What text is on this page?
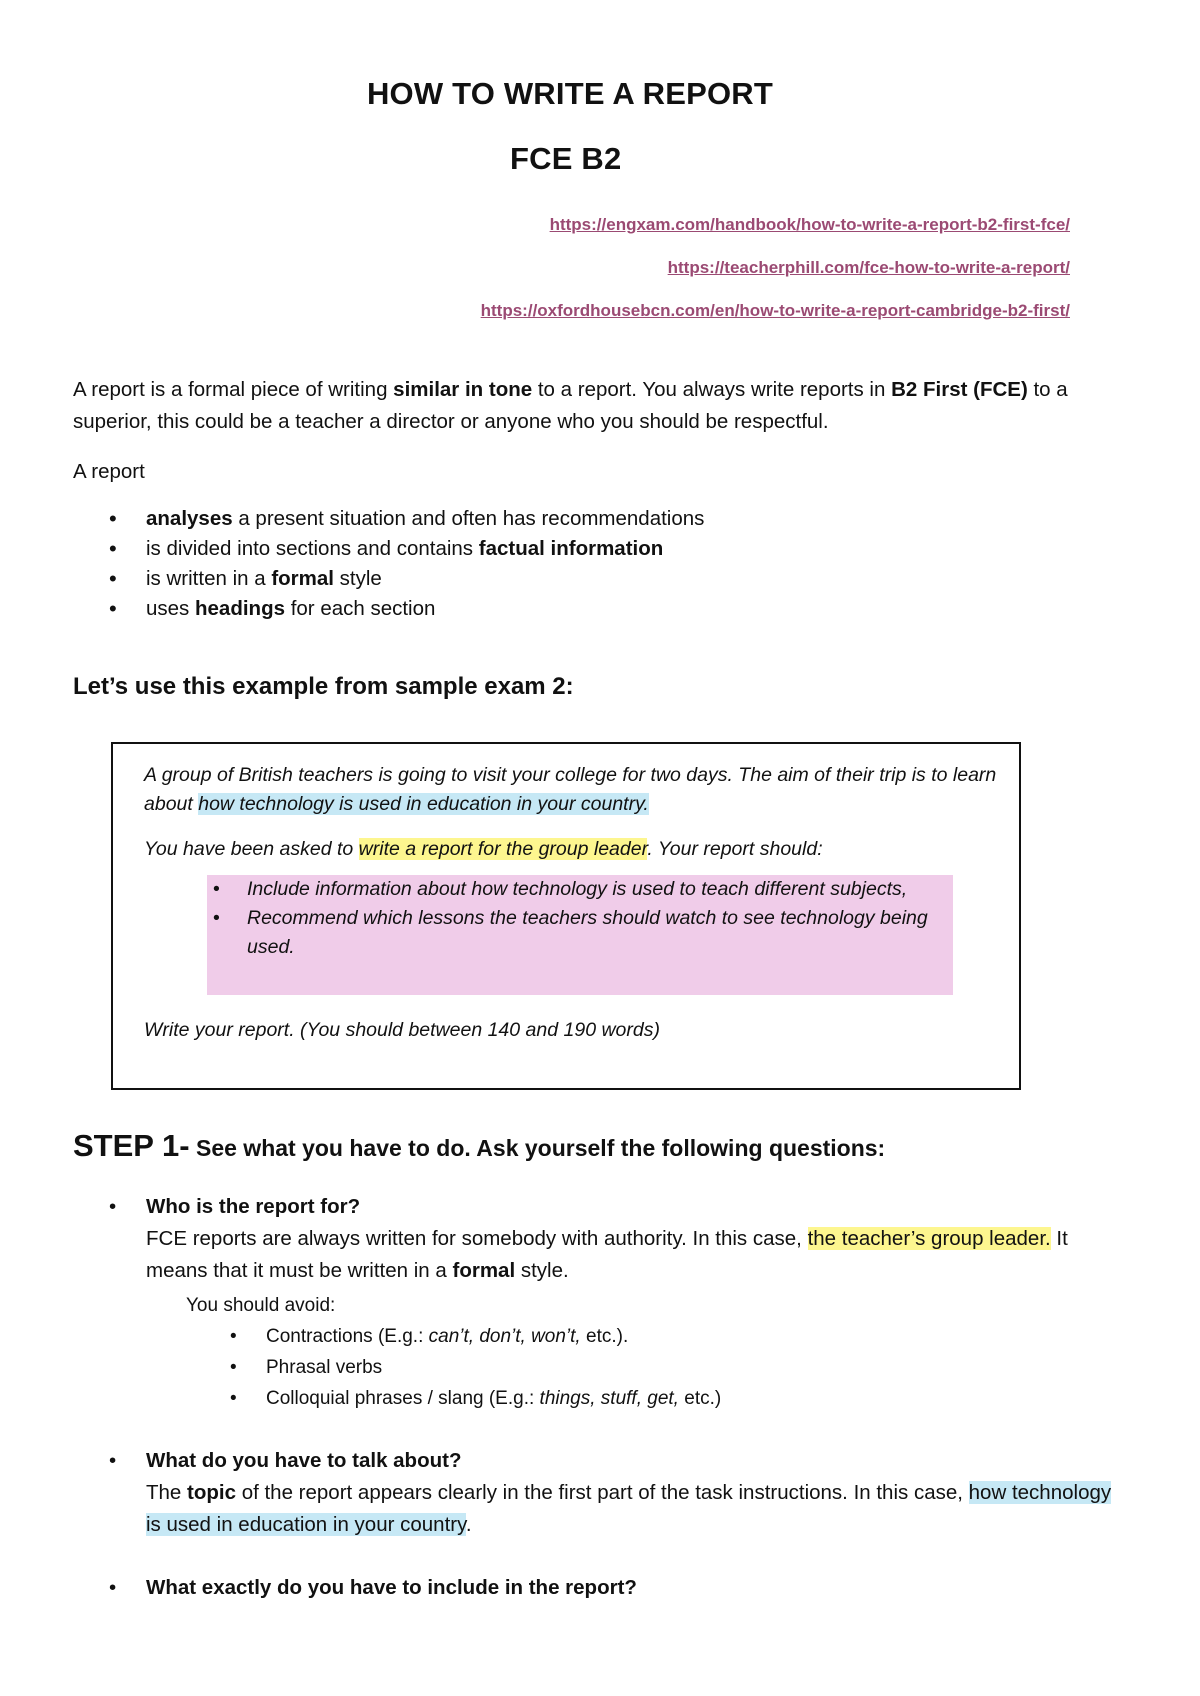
HOW TO WRITE A REPORT
FCE B2
https://engxam.com/handbook/how-to-write-a-report-b2-first-fce/
https://teacherphill.com/fce-how-to-write-a-report/
https://oxfordhousebcn.com/en/how-to-write-a-report-cambridge-b2-first/
A report is a formal piece of writing similar in tone to a report. You always write reports in B2 First (FCE) to a superior, this could be a teacher a director or anyone who you should be respectful.
A report
• analyses a present situation and often has recommendations
• is divided into sections and contains factual information
• is written in a formal style
• uses headings for each section
Let’s use this example from sample exam 2:

A group of British teachers is going to visit your college for two days. The aim of their trip is to learn about how technology is used in education in your country.

You have been asked to write a report for the group leader. Your report should:

• Include information about how technology is used to teach different subjects,
• Recommend which lessons the teachers should watch to see technology being used.

Write your report. (You should between 140 and 190 words)

STEP 1- See what you have to do. Ask yourself the following questions:
• Who is the report for?
FCE reports are always written for somebody with authority. In this case, the teacher’s group leader. It means that it must be written in a formal style.
You should avoid:
• Contractions (E.g.: can’t, don’t, won’t, etc.).
• Phrasal verbs
• Colloquial phrases / slang (E.g.: things, stuff, get, etc.)
• What do you have to talk about?
The topic of the report appears clearly in the first part of the task instructions. In this case, how technology is used in education in your country.
• What exactly do you have to include in the report?
